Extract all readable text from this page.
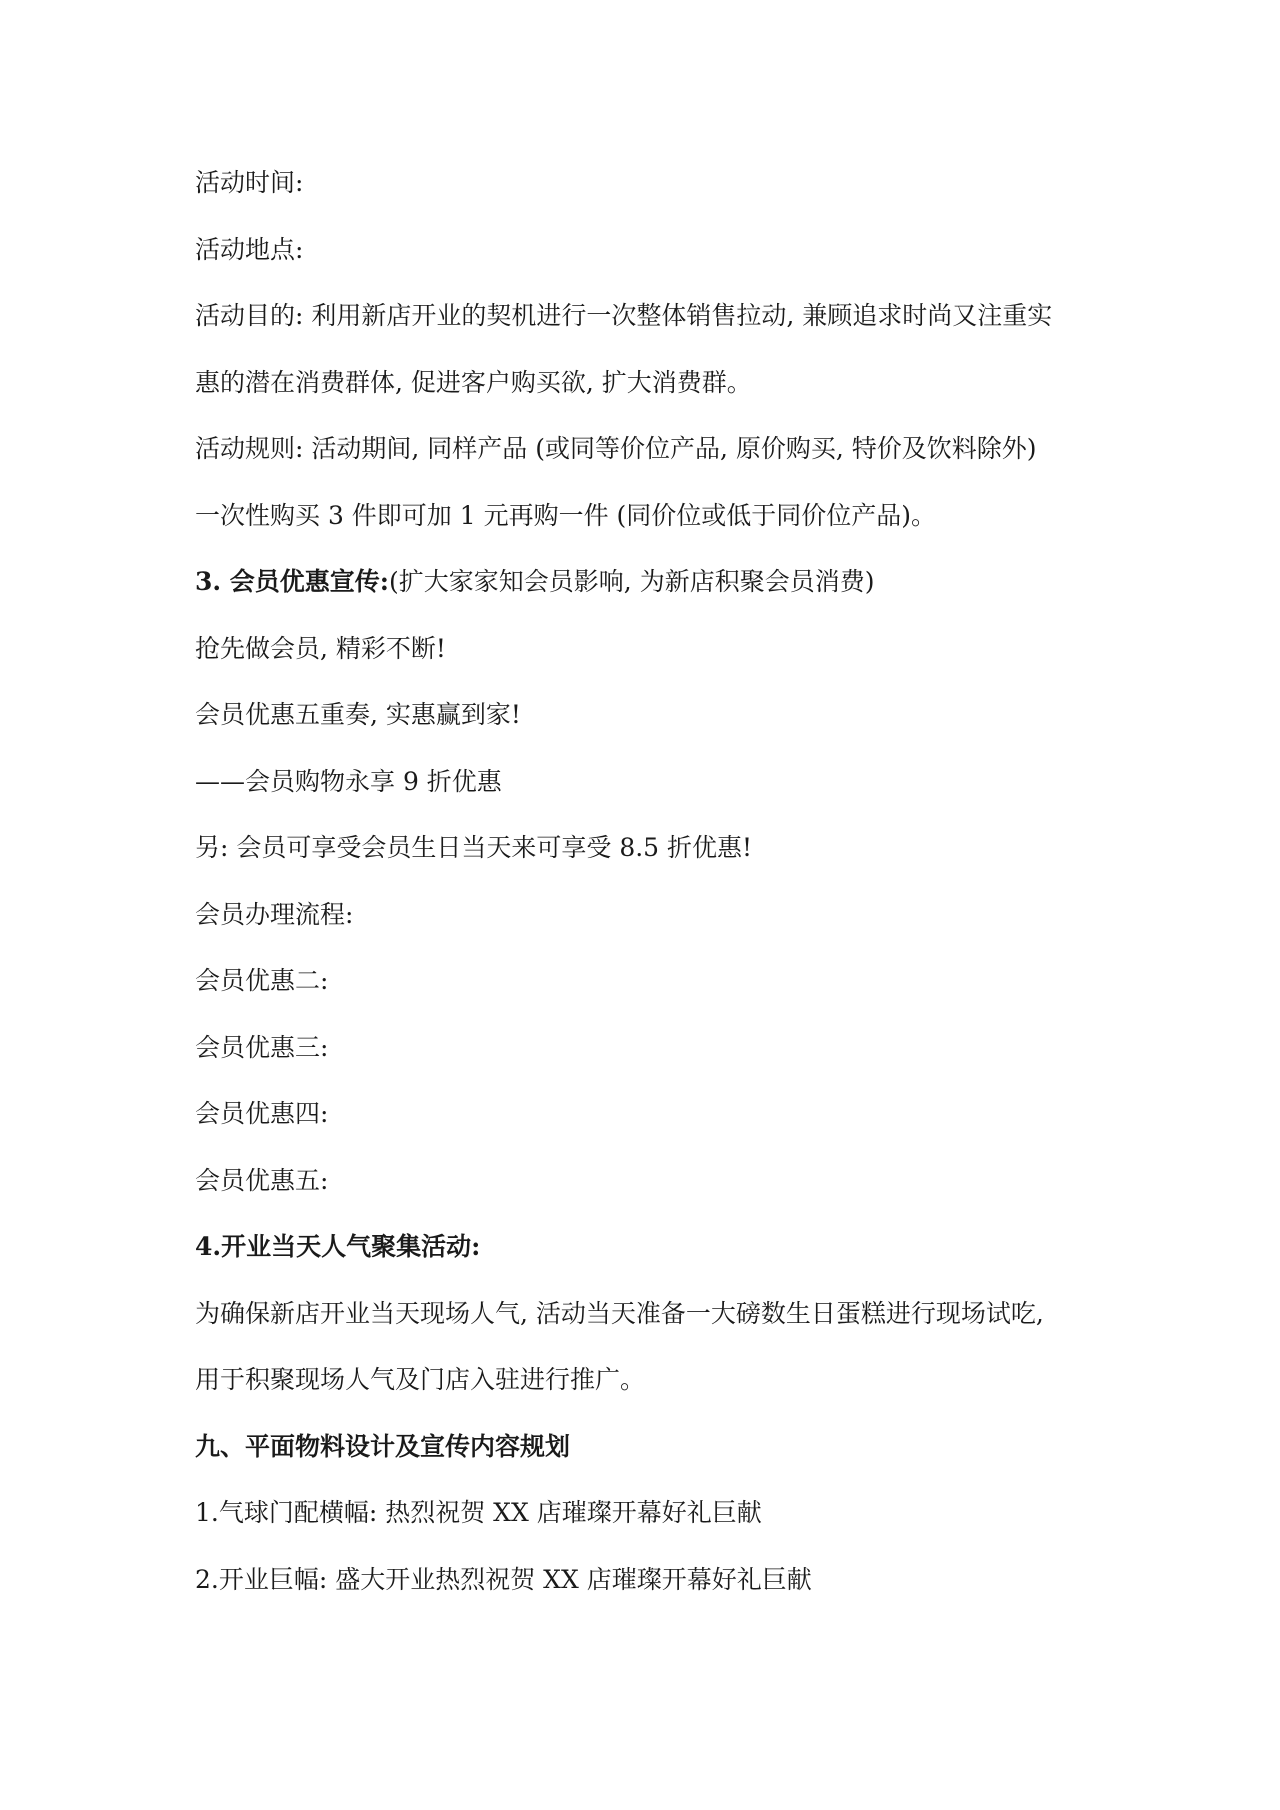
活动时间:
活动地点:
活动目的: 利用新店开业的契机进行一次整体销售拉动, 兼顾追求时尚又注重实
惠的潜在消费群体, 促进客户购买欲, 扩大消费群。
活动规则: 活动期间, 同样产品 (或同等价位产品, 原价购买, 特价及饮料除外)
一次性购买 3 件即可加 1 元再购一件 (同价位或低于同价位产品)。
3. 会员优惠宣传:(扩大家家知会员影响, 为新店积聚会员消费)
抢先做会员, 精彩不断!
会员优惠五重奏, 实惠赢到家!
——会员购物永享 9 折优惠
另: 会员可享受会员生日当天来可享受 8.5 折优惠!
会员办理流程:
会员优惠二:
会员优惠三:
会员优惠四:
会员优惠五:
4.开业当天人气聚集活动:
为确保新店开业当天现场人气, 活动当天准备一大磅数生日蛋糕进行现场试吃,
用于积聚现场人气及门店入驻进行推广。
九、平面物料设计及宣传内容规划
1.气球门配横幅: 热烈祝贺 XX 店璀璨开幕好礼巨献
2.开业巨幅: 盛大开业热烈祝贺 XX 店璀璨开幕好礼巨献
